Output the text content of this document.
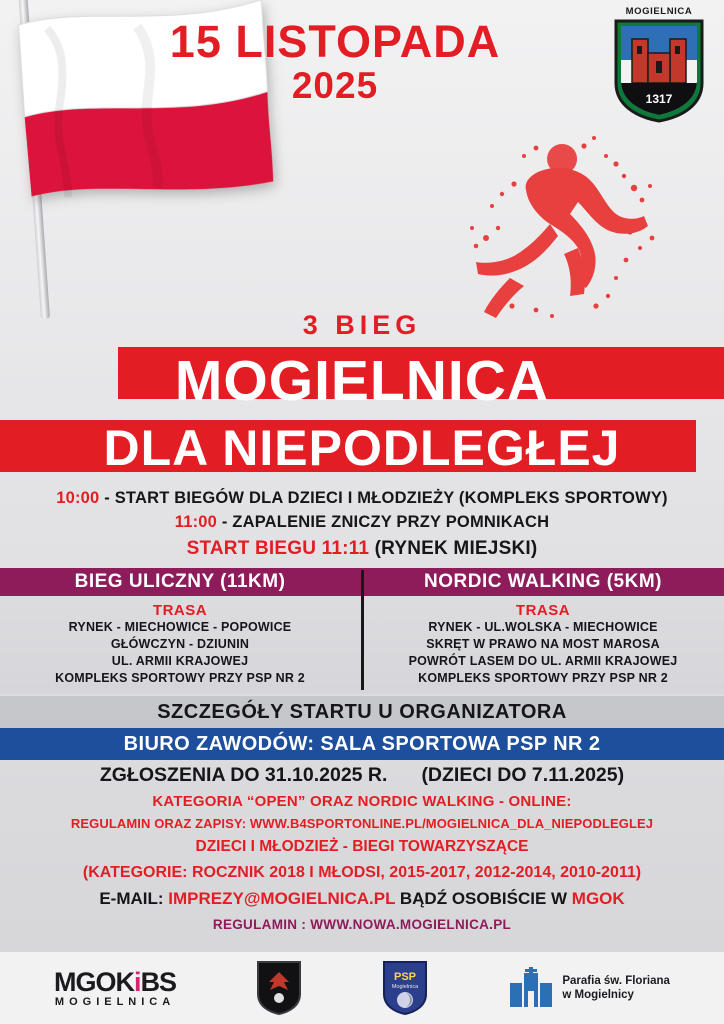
MOGIELNICA
1317
15 LISTOPADA
2025
3 BIEG
MOGIELNICA
DLA NIEPODLEGŁEJ
10:00 - START BIEGÓW DLA DZIECI I MŁODZIEŻY (KOMPLEKS SPORTOWY)
11:00 - ZAPALENIE ZNICZY PRZY POMNIKACH
START BIEGU 11:11 (RYNEK MIEJSKI)
BIEG ULICZNY (11KM)
TRASA
RYNEK - MIECHOWICE - POPOWICE
GŁÓWCZYN - DZIUNIN
UL. ARMII KRAJOWEJ
KOMPLEKS SPORTOWY PRZY PSP NR 2
NORDIC WALKING (5KM)
TRASA
RYNEK - UL.WOLSKA - MIECHOWICE
SKRĘT W PRAWO NA MOST MAROSA
POWRÓT LASEM DO UL. ARMII KRAJOWEJ
KOMPLEKS SPORTOWY PRZY PSP NR 2
SZCZEGÓŁY STARTU U ORGANIZATORA
BIURO ZAWODÓW: SALA SPORTOWA PSP NR 2
ZGŁOSZENIA DO 31.10.2025 R. (DZIECI DO 7.11.2025)
KATEGORIA “OPEN” ORAZ NORDIC WALKING - ONLINE:
REGULAMIN ORAZ ZAPISY: WWW.B4SPORTONLINE.PL/MOGIELNICA_DLA_NIEPODLEGLEJ
DZIECI I MŁODZIEŻ - BIEGI TOWARZYSZĄCE
(KATEGORIE: ROCZNIK 2018 I MŁODSI, 2015-2017, 2012-2014, 2010-2011)
E-MAIL: IMPREZY@MOGIELNICA.PL BĄDŹ OSOBIŚCIE W MGOK
REGULAMIN : WWW.NOWA.MOGIELNICA.PL
MGOKiBS
MOGIELNICA
PSP
Mogielnica	Parafia św. Floriana
w Mogielnicy
